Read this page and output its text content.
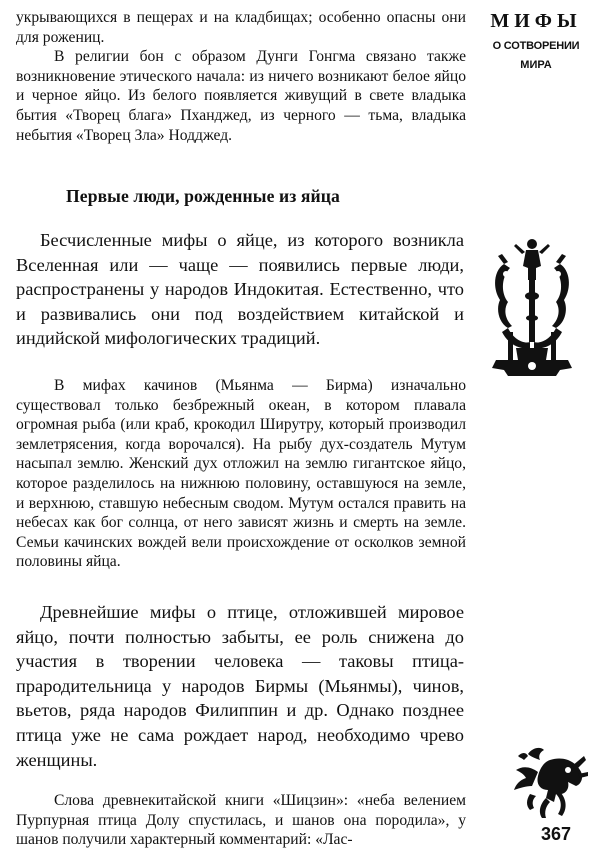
МИФЫ
О СОТВОРЕНИИ
МИРА

укрывающихся в пещерах и на кладбищах; особенно опасны они для рожениц.

В религии бон с образом Дунги Гонгма связано также возникновение этического начала: из ничего возникают белое яйцо и черное яйцо. Из белого появляется живущий в свете владыка бытия «Творец блага» Пханджед, из черного — тьма, владыка небытия «Творец Зла» Нодджед.

Первые люди, рожденные из яйца

Бесчисленные мифы о яйце, из которого возникла Вселенная или — чаще — появились первые люди, распространены у народов Индокитая. Естественно, что и развивались они под воздействием китайской и индийской мифологических традиций.

В мифах качинов (Мьянма — Бирма) изначально существовал только безбрежный океан, в котором плавала огромная рыба (или краб, крокодил Ширутру, который производил землетрясения, когда ворочался). На рыбу дух-создатель Мутум насыпал землю. Женский дух отложил на землю гигантское яйцо, которое разделилось на нижнюю половину, оставшуюся на земле, и верхнюю, ставшую небесным сводом. Мутум остался править на небесах как бог солнца, от него зависят жизнь и смерть на земле. Семьи качинских вождей вели происхождение от осколков земной половины яйца.

Древнейшие мифы о птице, отложившей мировое яйцо, почти полностью забыты, ее роль снижена до участия в творении человека — таковы птица-прародительница у народов Бирмы (Мьянмы), чинов, вьетов, ряда народов Филиппин и др. Однако позднее птица уже не сама рождает народ, необходимо чрево женщины.

Слова древнекитайской книги «Шицзин»: «неба велением Пурпурная птица Долу спустилась, и шанов она породила», у шанов получили характерный комментарий: «Лас-	367
